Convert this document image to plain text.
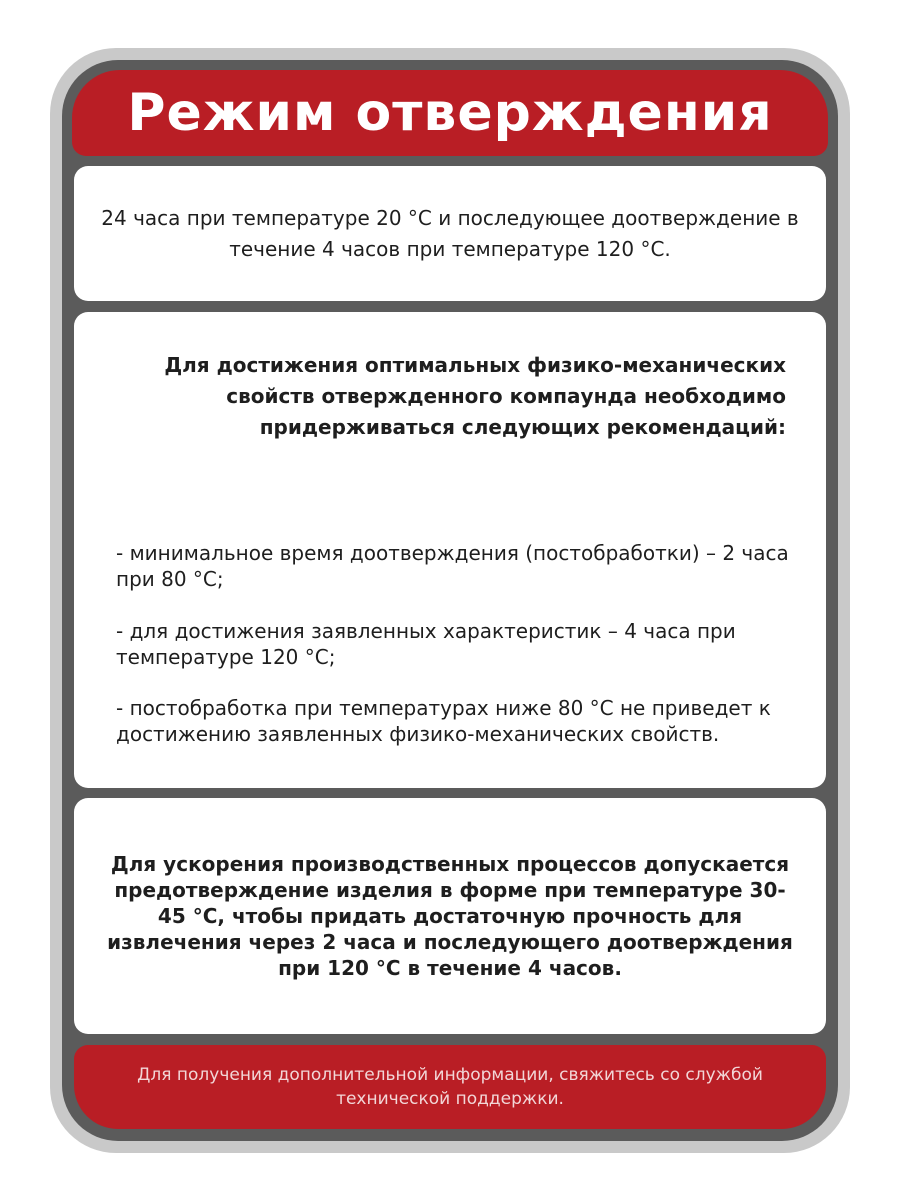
Режим отверждения
24 часа при температуре 20 °С и последующее доотверждение в течение 4 часов при температуре 120 °С.
Для достижения оптимальных физико-механических свойств отвержденного компаунда необходимо придерживаться следующих рекомендаций:
- минимальное время доотверждения (постобработки) – 2 часа при 80 °С;
- для достижения заявленных характеристик – 4 часа при температуре 120 °С;
- постобработка при температурах ниже 80 °С не приведет к достижению заявленных физико-механических свойств.
Для ускорения производственных процессов допускается предотверждение изделия в форме при температуре 30-45 °С, чтобы придать достаточную прочность для извлечения через 2 часа и последующего доотверждения при 120 °С в течение 4 часов.
Для получения дополнительной информации, свяжитесь со службой технической поддержки.
